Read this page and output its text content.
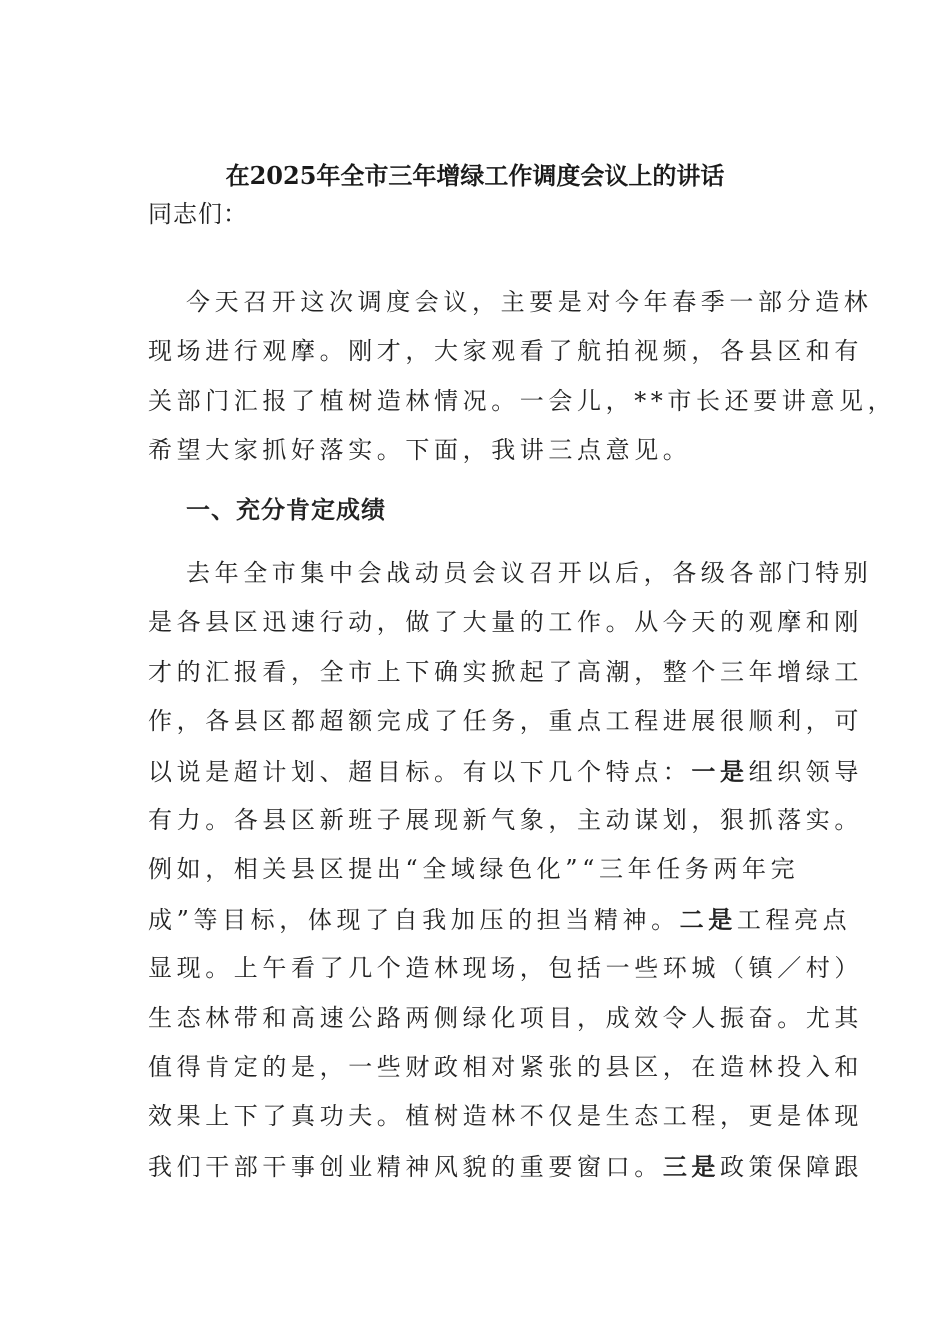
在2025年全市三年增绿工作调度会议上的讲话
同志们：
今天召开这次调度会议，主要是对今年春季一部分造林
现场进行观摩。刚才，大家观看了航拍视频，各县区和有
关部门汇报了植树造林情况。一会儿，**市长还要讲意见，
希望大家抓好落实。下面，我讲三点意见。
一、充分肯定成绩
去年全市集中会战动员会议召开以后，各级各部门特别
是各县区迅速行动，做了大量的工作。从今天的观摩和刚
才的汇报看，全市上下确实掀起了高潮，整个三年增绿工
作，各县区都超额完成了任务，重点工程进展很顺利，可
以说是超计划、超目标。有以下几个特点：一是组织领导
有力。各县区新班子展现新气象，主动谋划，狠抓落实。
例如，相关县区提出“全域绿色化”“三年任务两年完
成”等目标，体现了自我加压的担当精神。二是工程亮点
显现。上午看了几个造林现场，包括一些环城（镇／村）
生态林带和高速公路两侧绿化项目，成效令人振奋。尤其
值得肯定的是，一些财政相对紧张的县区，在造林投入和
效果上下了真功夫。植树造林不仅是生态工程，更是体现
我们干部干事创业精神风貌的重要窗口。三是政策保障跟
